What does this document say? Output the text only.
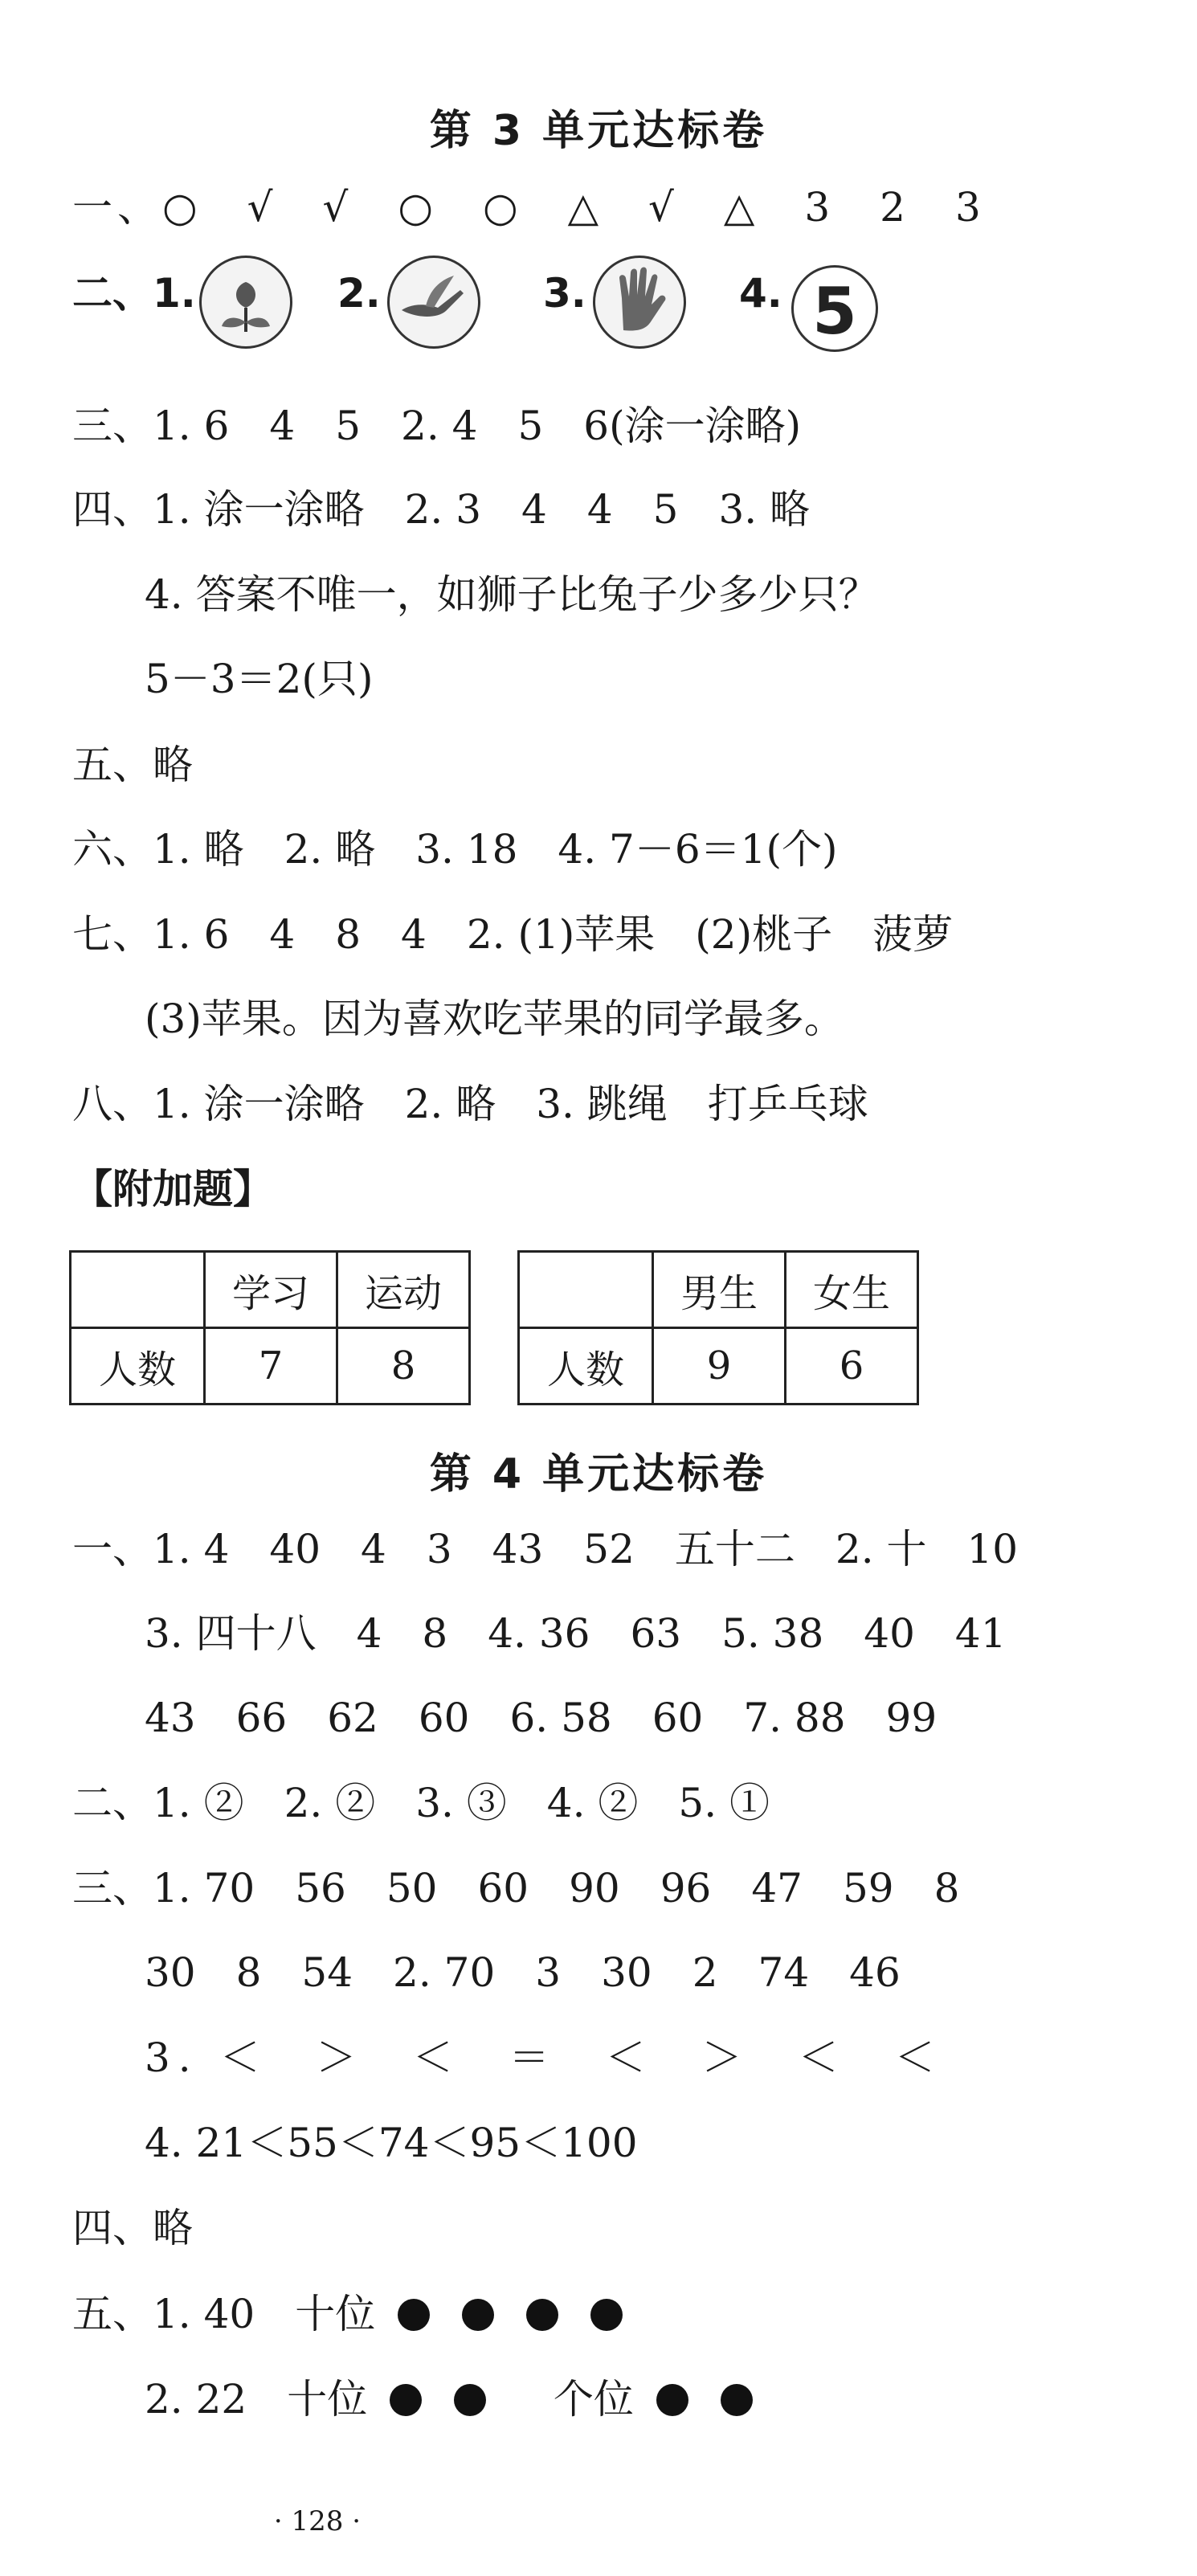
第 3 单元达标卷
一、○　√　√　○　○　△　√　△　3　2　3
二、1.	2.	3.	4. 5
三、1. 6　4　5　2. 4　5　6(涂一涂略)
四、1. 涂一涂略　2. 3　4　4　5　3. 略
4. 答案不唯一，如狮子比兔子少多少只？
5－3＝2(只)
五、略
六、1. 略　2. 略　3. 18　4. 7－6＝1(个)
七、1. 6　4　8　4　2. (1)苹果　(2)桃子　菠萝
(3)苹果。因为喜欢吃苹果的同学最多。
八、1. 涂一涂略　2. 略　3. 跳绳　打乒乓球
【附加题】
	学习	运动
人数	7	8
	男生	女生
人数	9	6
第 4 单元达标卷
一、1. 4　40　4　3　43　52　五十二　2. 十　10
3. 四十八　4　8　4. 36　63　5. 38　40　41
43　66　62　60　6. 58　60　7. 88　99
二、1. ②　2. ②　3. ③　4. ②　5. ①
三、1. 70　56　50　60　90　96　47　59　8
30　8　54　2. 70　3　30　2　74　46
3. ＜　＞　＜　＝　＜　＞　＜　＜
4. 21＜55＜74＜95＜100
四、略
五、1. 40　十位
2. 22　十位	个位
· 128 ·
